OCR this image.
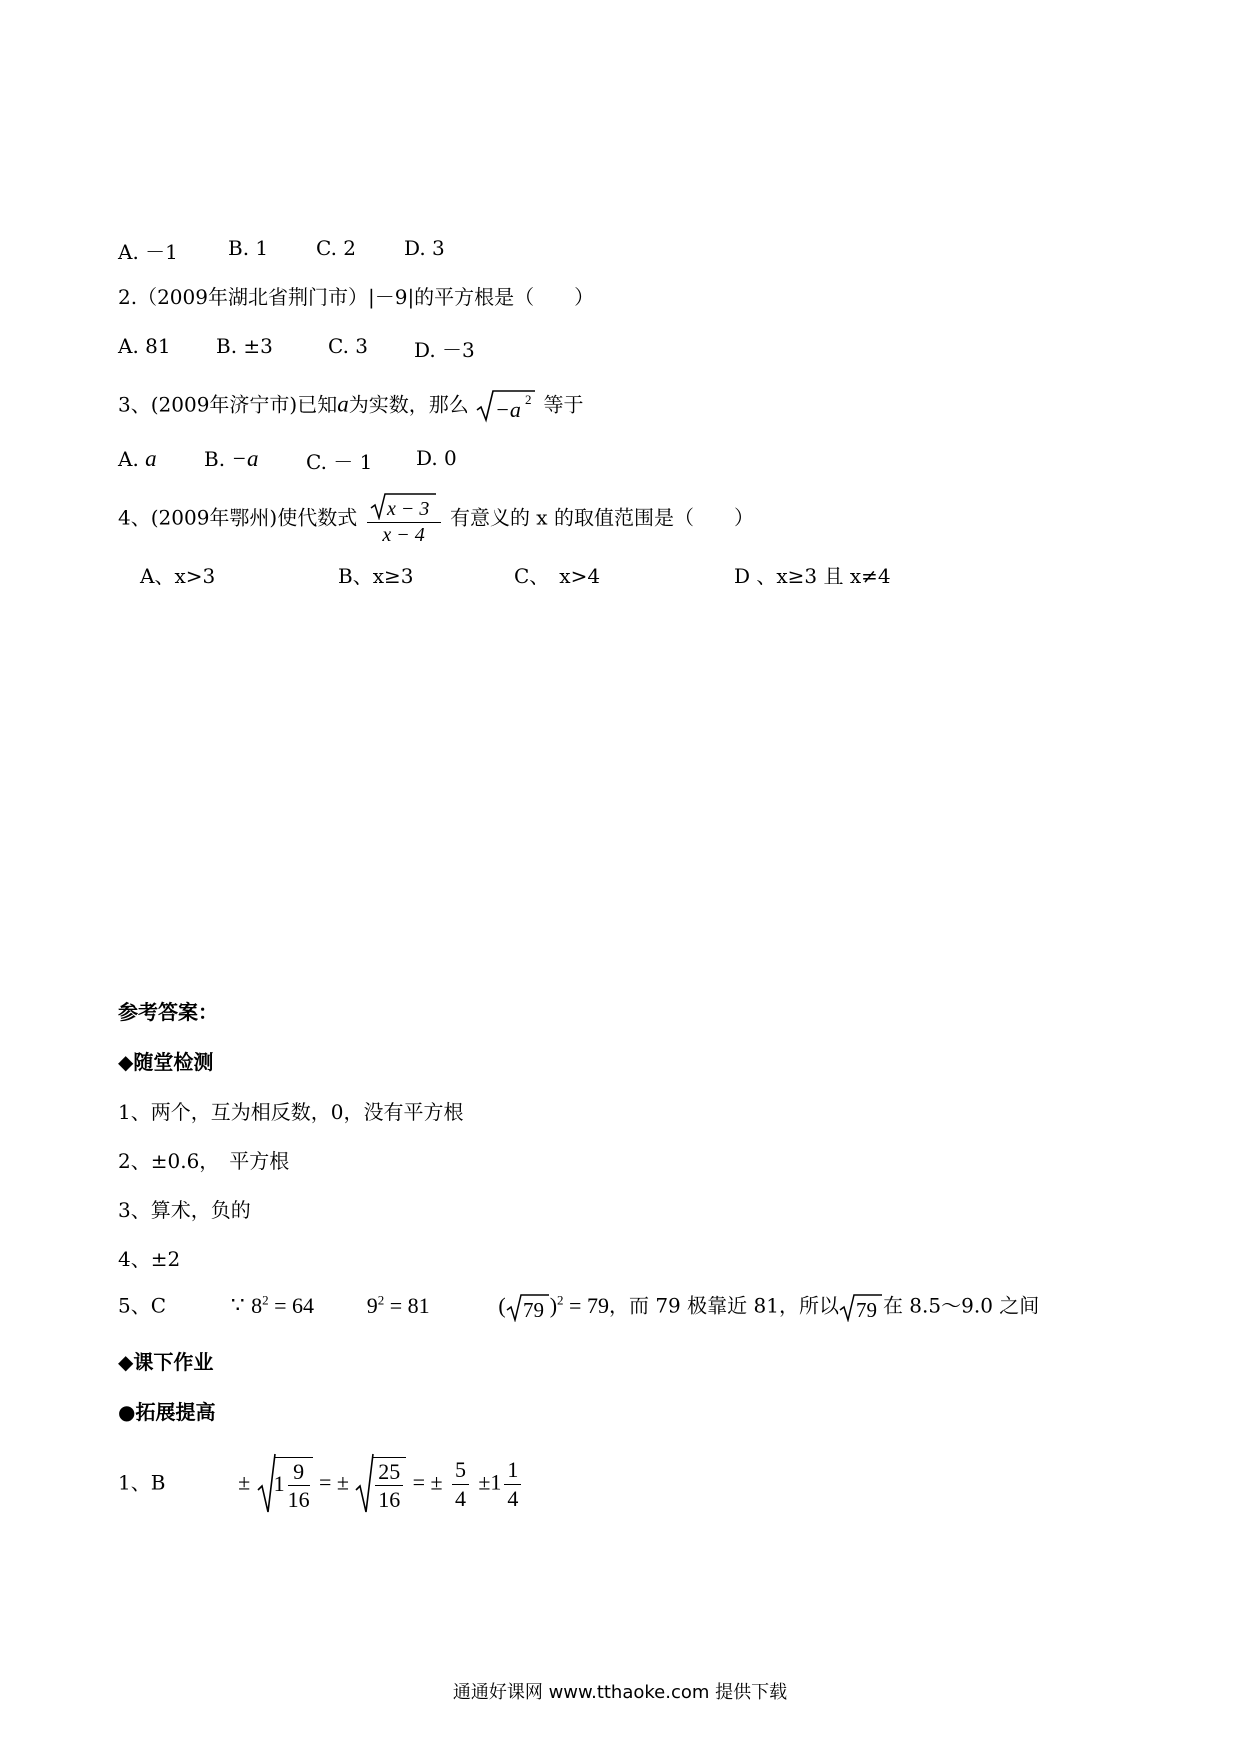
A. －1	B. 1 C. 2 D. 3
2.（2009年湖北省荆门市）|－9|的平方根是（　　）
A. 81 B. ±3	C. 3 D. －3
3、(2009年济宁市)已知a为实数，那么 −a 2 等于
A. a B. −a C. － 1 D. 0
4、(2009年鄂州)使代数式 $\frac{x - 3}{x - 4}$ 有意义的 x 的取值范围是（　　）
A、x>3	B、x≥3	C、　x>4	D 、x≥3 且 x≠4
参考答案：
◆随堂检测
1、两个，互为相反数，0，没有平方根
2、±0.6，　平方根
3、算术，负的
4、±2
5、C	∵ $8^2 = 64$ $9^2 = 81$	( 79 )$^2$ = 79，而 79 极靠近 81，所以 79 在 8.5～9.0 之间
◆课下作业
●拓展提高
1、B	± $1 \frac{9}{16}$ = ± $\frac{25}{16}$ = ± $\frac{5}{4} \pm 1 \frac{1}{4}$
通通好课网 www.tthaoke.com 提供下载
